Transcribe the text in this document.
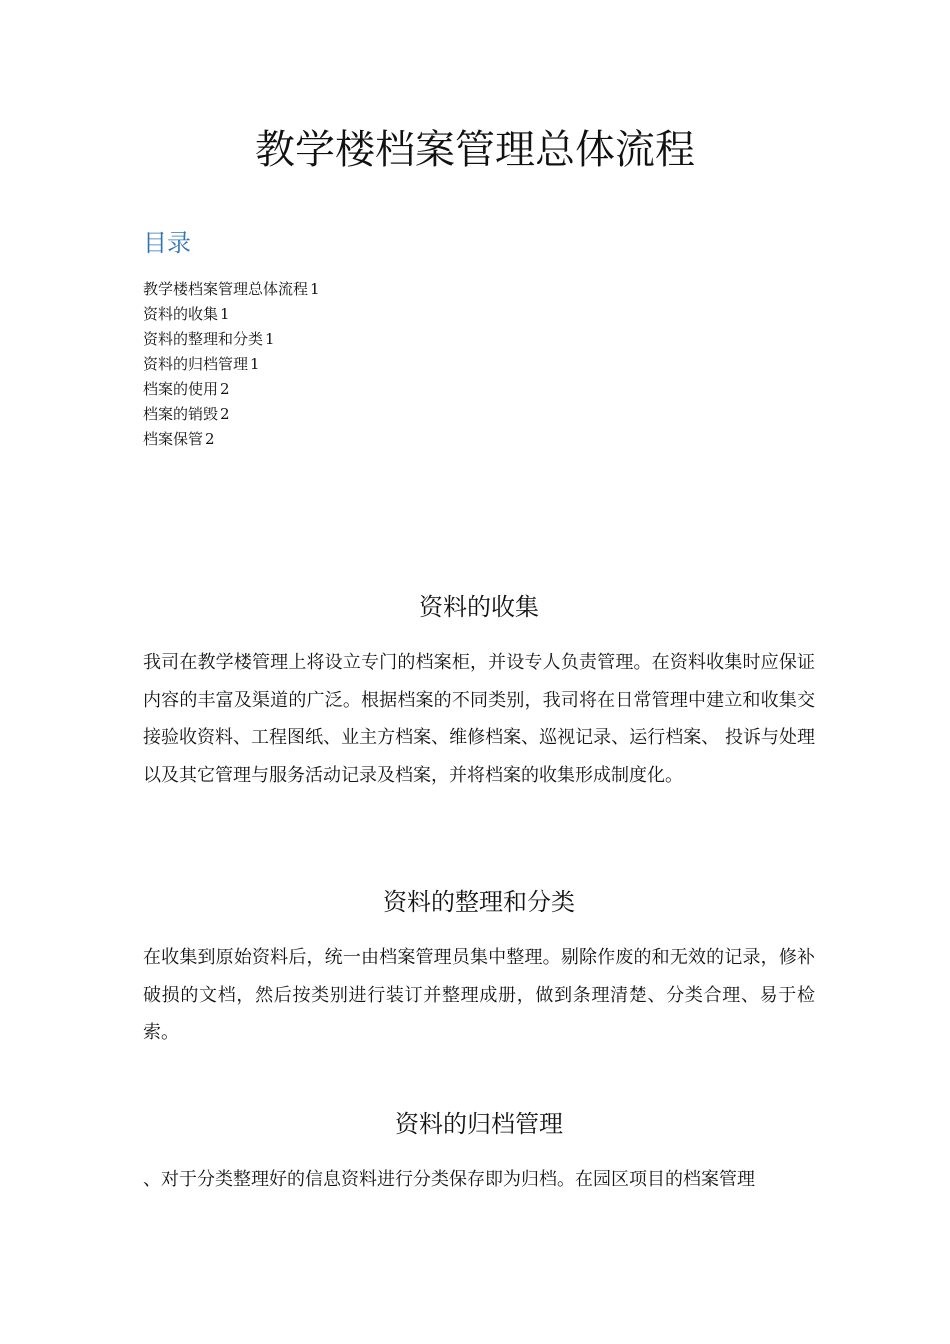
教学楼档案管理总体流程
目录
教学楼档案管理总体流程 1
资料的收集 1
资料的整理和分类 1
资料的归档管理 1
档案的使用 2
档案的销毁 2
档案保管 2
资料的收集

我司在教学楼管理上将设立专门的档案柜，并设专人负责管理。在资料收集时应保证内容的丰富及渠道的广泛。根据档案的不同类别，我司将在日常管理中建立和收集交接验收资料、工程图纸、业主方档案、维修档案、巡视记录、运行档案、 投诉与处理以及其它管理与服务活动记录及档案，并将档案的收集形成制度化。

资料的整理和分类

在收集到原始资料后，统一由档案管理员集中整理。剔除作废的和无效的记录，修补破损的文档，然后按类别进行装订并整理成册，做到条理清楚、分类合理、易于检索。

资料的归档管理

、对于分类整理好的信息资料进行分类保存即为归档。在园区项目的档案管理
